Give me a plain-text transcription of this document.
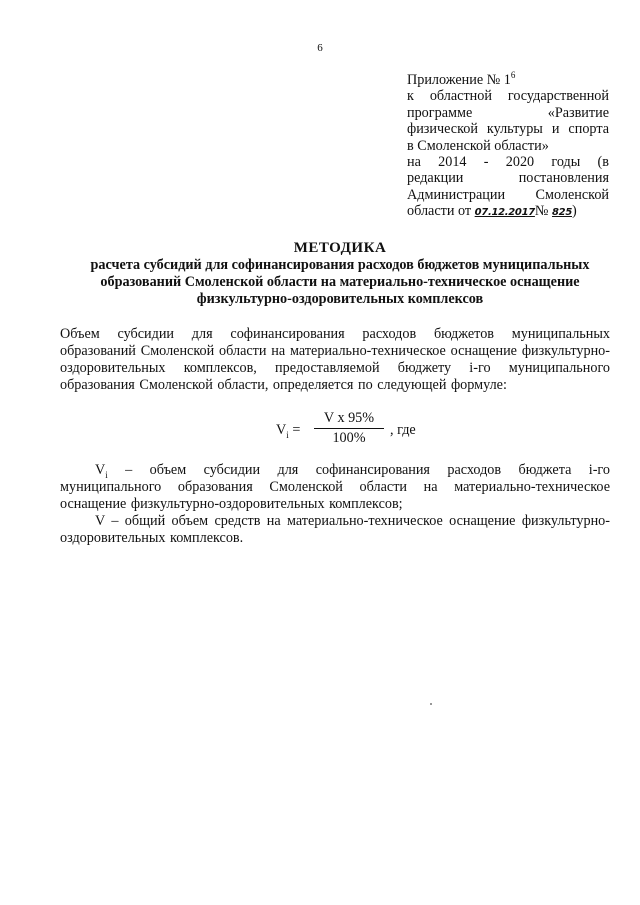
6
Приложение № $1^6$
к областной государственной
программе «Развитие
физической культуры и спорта
в Смоленской области»
на 2014 - 2020 годы (в
редакции постановления
Администрации Смоленской
области от 07.12.2017№ 825)
МЕТОДИКА
расчета субсидий для софинансирования расходов бюджетов муниципальных образований Смоленской области на материально-техническое оснащение физкультурно-оздоровительных комплексов
Объем субсидии для софинансирования расходов бюджетов муниципальных образований Смоленской области на материально-техническое оснащение физкультурно-оздоровительных комплексов, предоставляемой бюджету i-го муниципального образования Смоленской области, определяется по следующей формуле:
$V_i$ =
V х 95%
100%	, где
$V_i$ – объем субсидии для софинансирования расходов бюджета i-го муниципального образования Смоленской области на материально-техническое оснащение физкультурно-оздоровительных комплексов;
V – общий объем средств на материально-техническое оснащение физкультурно-оздоровительных комплексов.
